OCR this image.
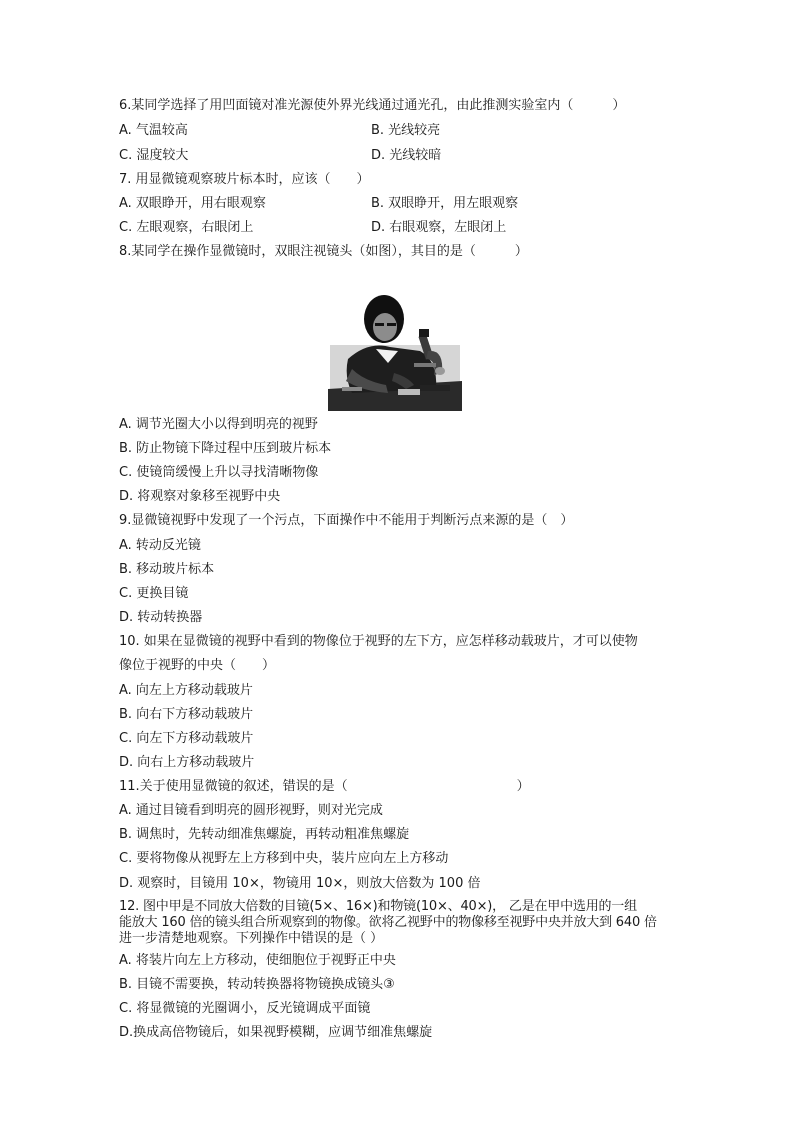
6.某同学选择了用凹面镜对准光源使外界光线通过通光孔，由此推测实验室内（　　　）
A. 气温较高	B. 光线较亮
C. 湿度较大	D. 光线较暗
7. 用显微镜观察玻片标本时，应该（　　）
A. 双眼睁开，用右眼观察	B. 双眼睁开，用左眼观察
C. 左眼观察，右眼闭上	D. 右眼观察，左眼闭上
8.某同学在操作显微镜时，双眼注视镜头（如图），其目的是（　　　）
A. 调节光圈大小以得到明亮的视野
B. 防止物镜下降过程中压到玻片标本
C. 使镜筒缓慢上升以寻找清晰物像
D. 将观察对象移至视野中央
9.显微镜视野中发现了一个污点，下面操作中不能用于判断污点来源的是（　）
A. 转动反光镜
B. 移动玻片标本
C. 更换目镜
D. 转动转换器
10. 如果在显微镜的视野中看到的物像位于视野的左下方，应怎样移动载玻片，才可以使物
像位于视野的中央（　　）
A. 向左上方移动载玻片
B. 向右下方移动载玻片
C. 向左下方移动载玻片
D. 向右上方移动载玻片
11.关于使用显微镜的叙述，错误的是（　　　　　　　　　　　　　）
A. 通过目镜看到明亮的圆形视野，则对光完成
B. 调焦时，先转动细准焦螺旋，再转动粗准焦螺旋
C. 要将物像从视野左上方移到中央，装片应向左上方移动
D. 观察时，目镜用 10×，物镜用 10×，则放大倍数为 100 倍
12. 图中甲是不同放大倍数的目镜(5×、16×)和物镜(10×、40×)， 乙是在甲中选用的一组
能放大 160 倍的镜头组合所观察到的物像。欲将乙视野中的物像移至视野中央并放大到 640 倍
进一步清楚地观察。下列操作中错误的是（ ）
A. 将装片向左上方移动，使细胞位于视野正中央
B. 目镜不需要换，转动转换器将物镜换成镜头③
C. 将显微镜的光圈调小，反光镜调成平面镜
D.换成高倍物镜后，如果视野模糊，应调节细准焦螺旋
